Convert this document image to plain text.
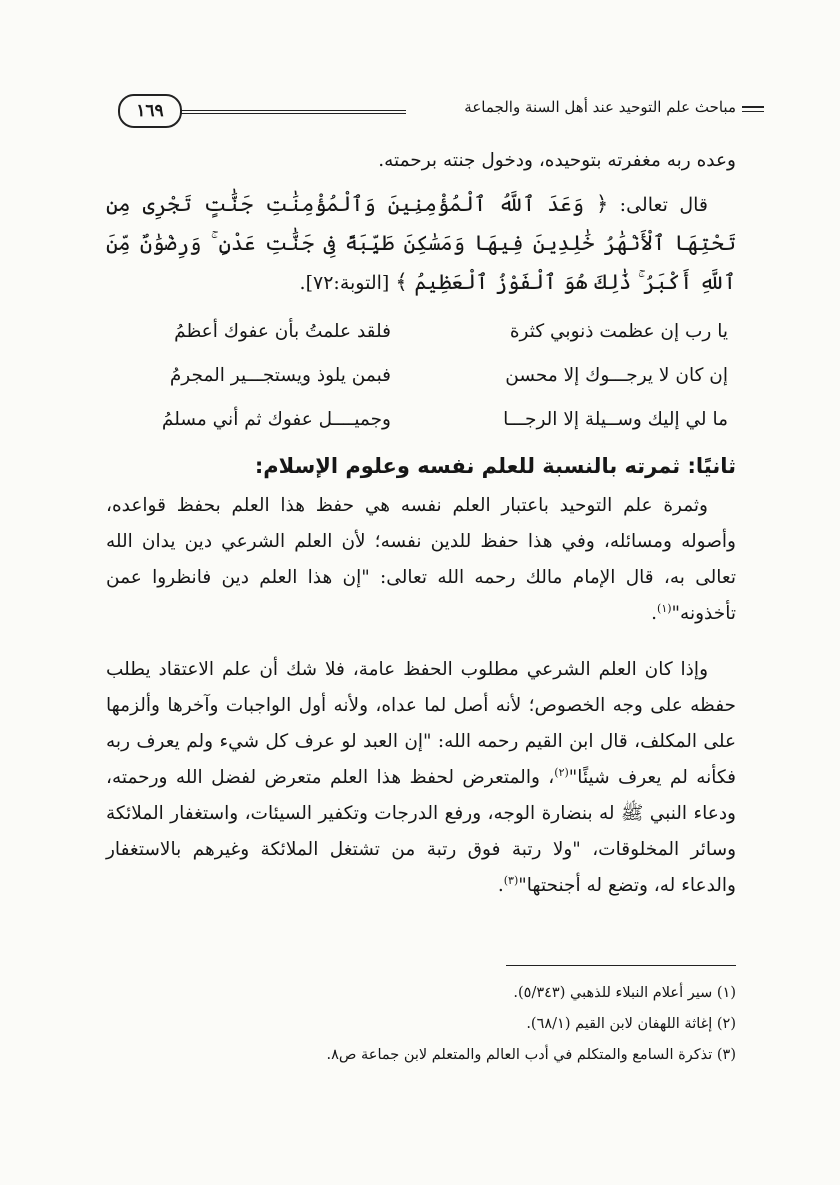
مباحث علم التوحيد عند أهل السنة والجماعة
١٦٩

وعده ربه مغفرته بتوحيده، ودخول جنته برحمته.

قال تعالى: ﴿ وَعَدَ ٱللَّهُ ٱلْمُؤْمِنِينَ وَٱلْمُؤْمِنَٰتِ جَنَّٰتٍ تَجْرِى مِن تَحْتِهَا ٱلْأَنْهَٰرُ خَٰلِدِينَ فِيهَا وَمَسَٰكِنَ طَيِّبَةً فِى جَنَّٰتِ عَدْنٍ ۚ وَرِضْوَٰنٌ مِّنَ ٱللَّهِ أَكْبَرُ ۚ ذَٰلِكَ هُوَ ٱلْفَوْزُ ٱلْعَظِيمُ ﴾ [التوبة:٧٢].

يا رب إن عظمت ذنوبي كثرة
فلقد علمتُ بأن عفوك أعظمُ
إن كان لا يرجـــوك إلا محسن
فبمن يلوذ ويستجـــير المجرمُ
ما لي إليك وســيلة إلا الرجـــا
وجميــــل عفوك ثم أني مسلمُ

ثانيًا: ثمرته بالنسبة للعلم نفسه وعلوم الإسلام:

وثمرة علم التوحيد باعتبار العلم نفسه هي حفظ هذا العلم بحفظ قواعده، وأصوله ومسائله، وفي هذا حفظ للدين نفسه؛ لأن العلم الشرعي دين يدان الله تعالى به، قال الإمام مالك رحمه الله تعالى: "إن هذا العلم دين فانظروا عمن تأخذونه"$^{(١)}$.

وإذا كان العلم الشرعي مطلوب الحفظ عامة، فلا شك أن علم الاعتقاد يطلب حفظه على وجه الخصوص؛ لأنه أصل لما عداه، ولأنه أول الواجبات وآخرها وألزمها على المكلف، قال ابن القيم رحمه الله: "إن العبد لو عرف كل شيء ولم يعرف ربه فكأنه لم يعرف شيئًا"$^{(٢)}$، والمتعرض لحفظ هذا العلم متعرض لفضل الله ورحمته، ودعاء النبي ﷺ له بنضارة الوجه، ورفع الدرجات وتكفير السيئات، واستغفار الملائكة وسائر المخلوقات، "ولا رتبة فوق رتبة من تشتغل الملائكة وغيرهم بالاستغفار والدعاء له، وتضع له أجنحتها"$^{(٣)}$.

(١) سير أعلام النبلاء للذهبي (٥/٣٤٣).
(٢) إغاثة اللهفان لابن القيم (٦٨/١).
(٣) تذكرة السامع والمتكلم في أدب العالم والمتعلم لابن جماعة ص٨.
